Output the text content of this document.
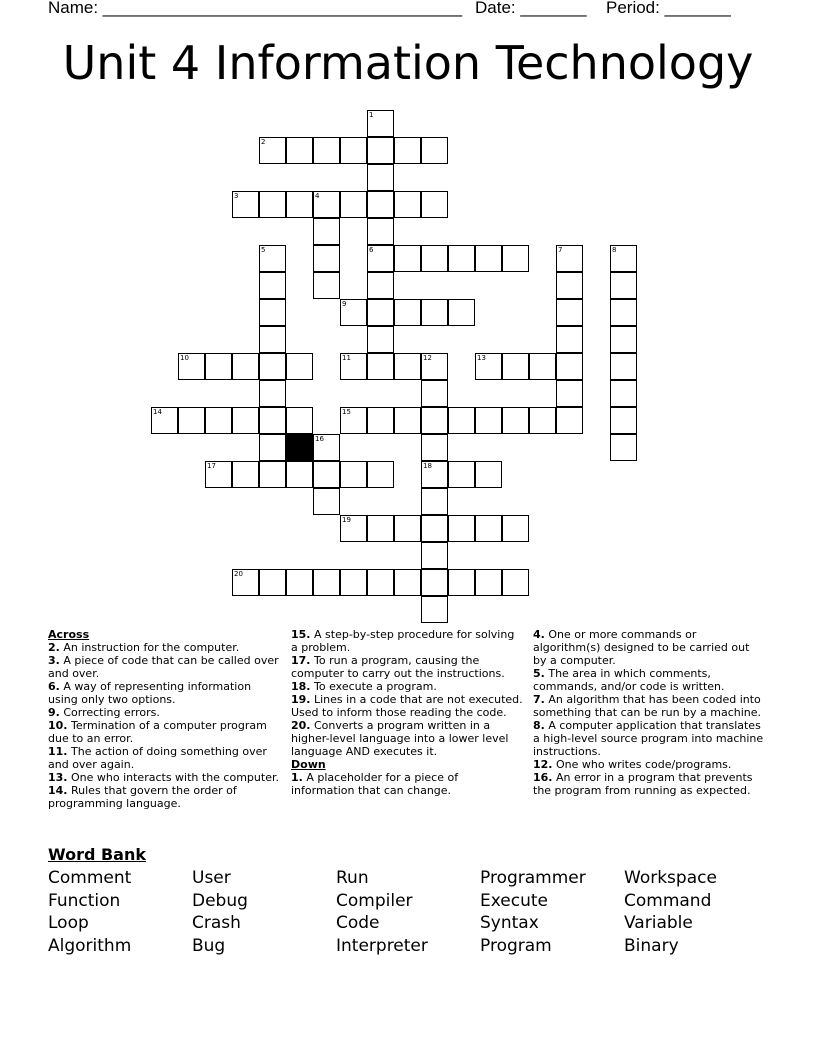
Name: ______________________________________

Date: _______

Period: _______

Unit 4 Information Technology
1
6
2
3	4
5	7	8
9
10	11	12
18
13
14	15
16
17
19
20
Across
2. An instruction for the computer.
3. A piece of code that can be called over and over.
6. A way of representing information using only two options.
9. Correcting errors.
10. Termination of a computer program due to an error.
11. The action of doing something over and over again.
13. One who interacts with the computer.
14. Rules that govern the order of programming language.
15. A step-by-step procedure for solving a problem.
17. To run a program, causing the computer to carry out the instructions.
18. To execute a program.
19. Lines in a code that are not executed. Used to inform those reading the code.
20. Converts a program written in a higher-level language into a lower level language AND executes it.
Down
1. A placeholder for a piece of information that can change.
4. One or more commands or algorithm(s) designed to be carried out by a computer.
5. The area in which comments, commands, and/or code is written.
7. An algorithm that has been coded into something that can be run by a machine.
8. A computer application that translates a high-level source program into machine instructions.
12. One who writes code/programs.
16. An error in a program that prevents the program from running as expected.
Word Bank
Comment
Function
Loop
Algorithm
User
Debug
Crash
Bug
Run
Compiler
Code
Interpreter
Programmer
Execute
Syntax
Program
Workspace
Command
Variable
Binary
